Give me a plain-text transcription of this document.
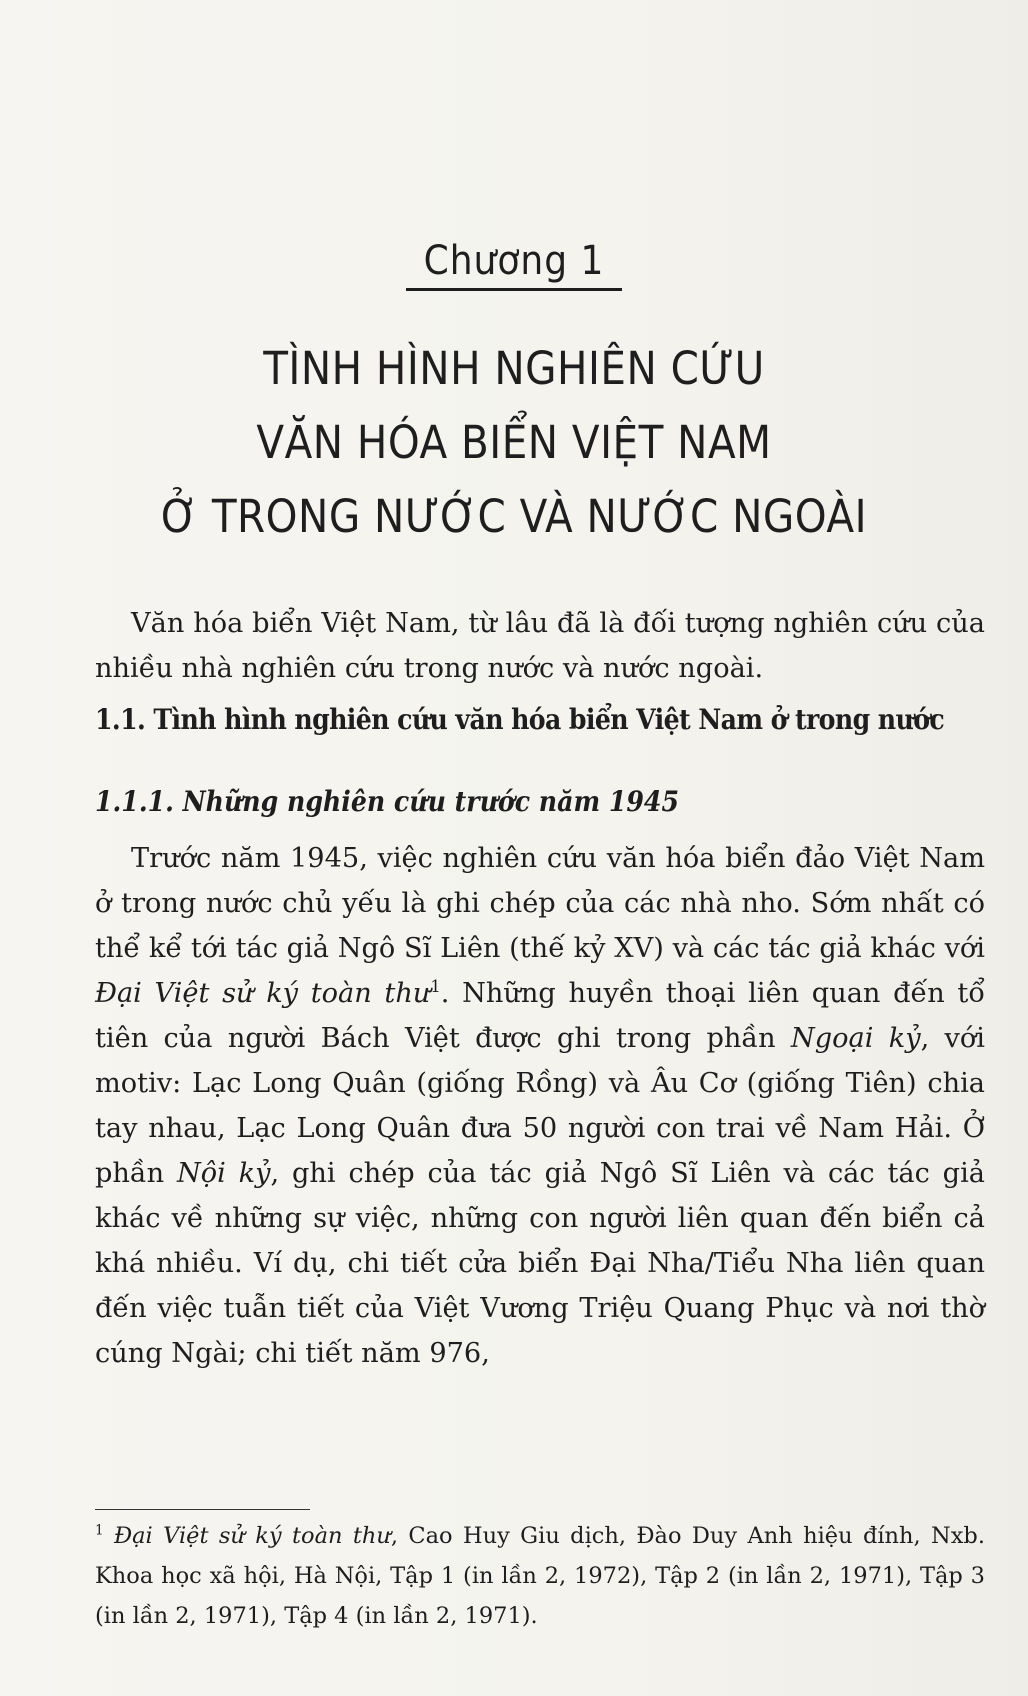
Chương 1
TÌNH HÌNH NGHIÊN CỨU
VĂN HÓA BIỂN VIỆT NAM
Ở TRONG NƯỚC VÀ NƯỚC NGOÀI

Văn hóa biển Việt Nam, từ lâu đã là đối tượng nghiên cứu của nhiều nhà nghiên cứu trong nước và nước ngoài.

1.1. Tình hình nghiên cứu văn hóa biển Việt Nam ở trong nước
1.1.1. Những nghiên cứu trước năm 1945

Trước năm 1945, việc nghiên cứu văn hóa biển đảo Việt Nam ở trong nước chủ yếu là ghi chép của các nhà nho. Sớm nhất có thể kể tới tác giả Ngô Sĩ Liên (thế kỷ XV) và các tác giả khác với Đại Việt sử ký toàn thư$^1$. Những huyền thoại liên quan đến tổ tiên của người Bách Việt được ghi trong phần Ngoại kỷ, với motiv: Lạc Long Quân (giống Rồng) và Âu Cơ (giống Tiên) chia tay nhau, Lạc Long Quân đưa 50 người con trai về Nam Hải. Ở phần Nội kỷ, ghi chép của tác giả Ngô Sĩ Liên và các tác giả khác về những sự việc, những con người liên quan đến biển cả khá nhiều. Ví dụ, chi tiết cửa biển Đại Nha/Tiểu Nha liên quan đến việc tuẫn tiết của Việt Vương Triệu Quang Phục và nơi thờ cúng Ngài; chi tiết năm 976,

$^1$ Đại Việt sử ký toàn thư, Cao Huy Giu dịch, Đào Duy Anh hiệu đính, Nxb. Khoa học xã hội, Hà Nội, Tập 1 (in lần 2, 1972), Tập 2 (in lần 2, 1971), Tập 3 (in lần 2, 1971), Tập 4 (in lần 2, 1971).
